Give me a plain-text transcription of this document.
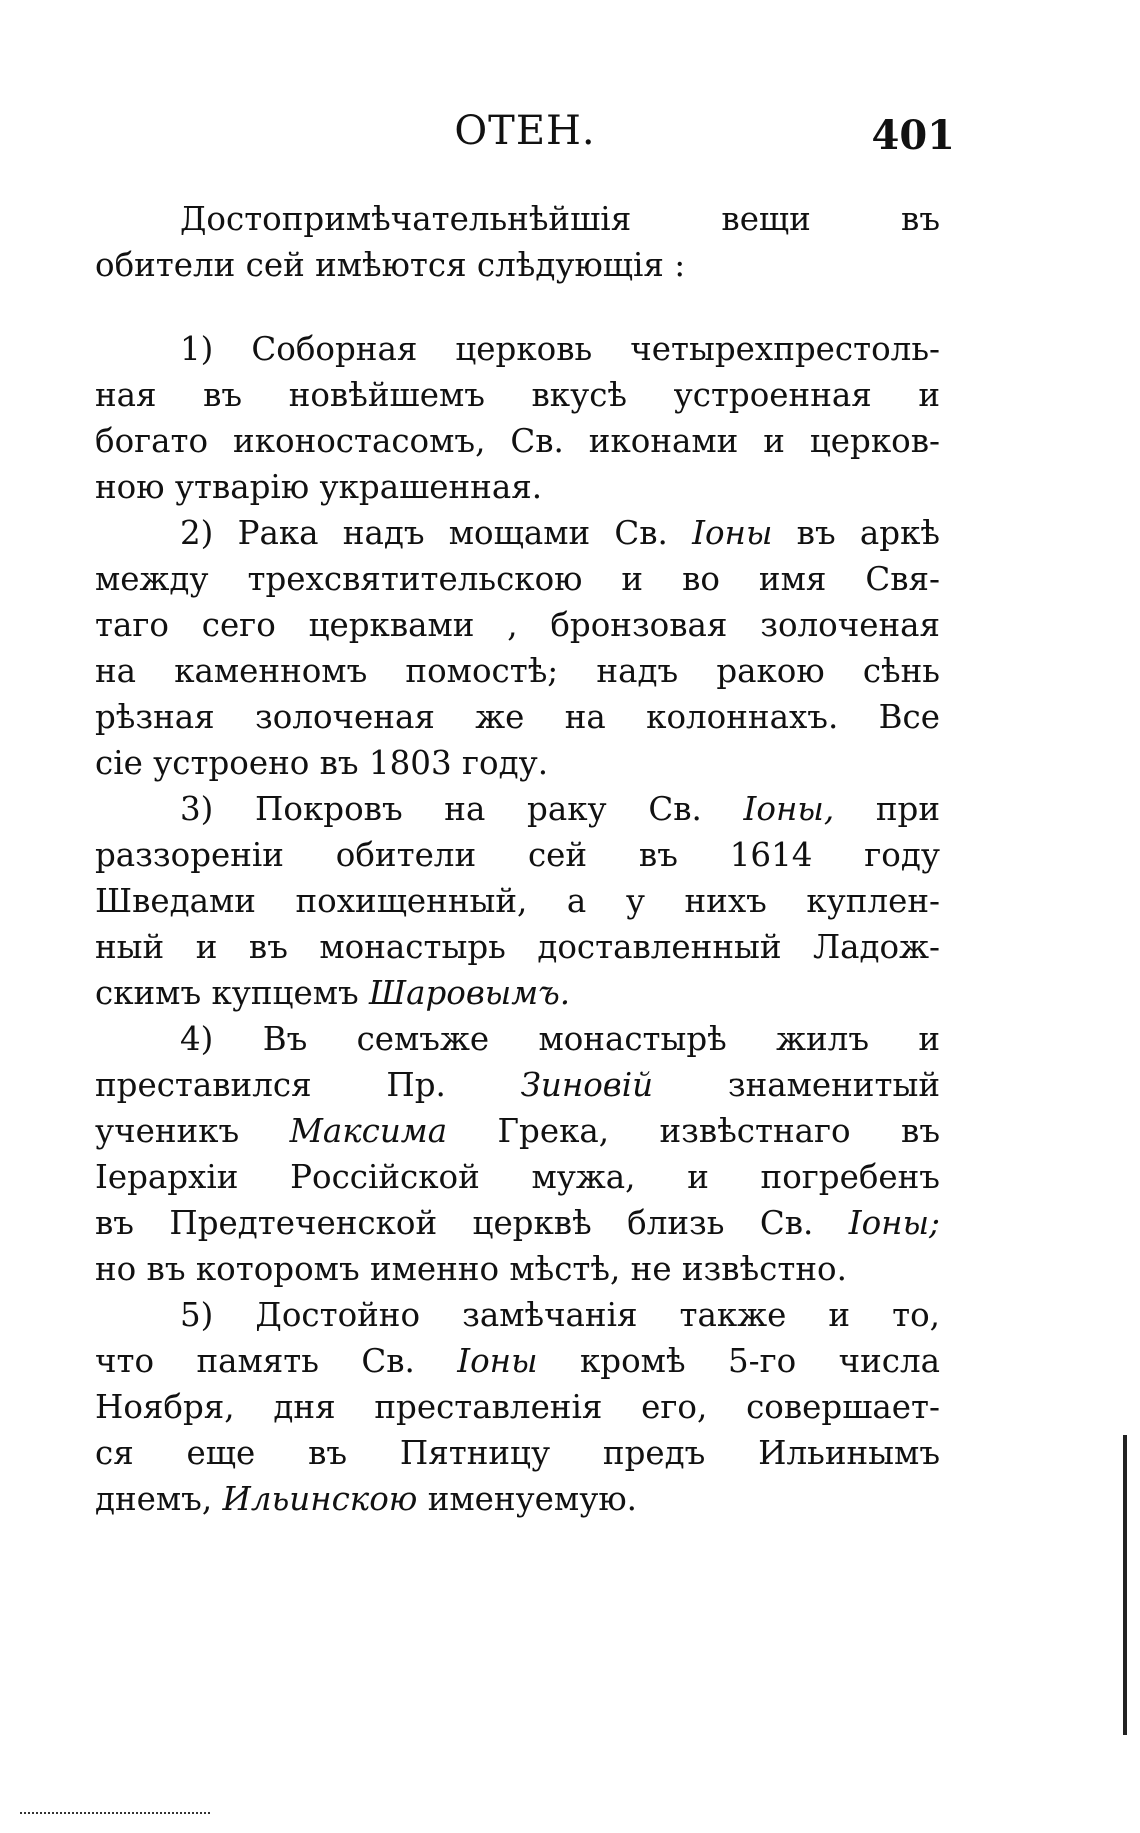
ОТЕН.	401
Достопримѣчательнѣйшія вещи въ
обители сей имѣются слѣдующія :
1) Соборная церковь четырехпрестоль-
ная въ новѣйшемъ вкусѣ устроенная и
богато иконостасомъ, Св. иконами и церков-
ною утварію украшенная.
2) Рака надъ мощами Св. Іоны въ аркѣ
между трехсвятительскою и во имя Свя-
таго сего церквами , бронзовая золоченая
на каменномъ помостѣ; надъ ракою сѣнь
рѣзная золоченая же на колоннахъ. Все
сіе устроено въ 1803 году.
3) Покровъ на раку Св. Іоны, при
раззореніи обители сей въ 1614 году
Шведами похищенный, а у нихъ куплен-
ный и въ монастырь доставленный Ладож-
скимъ купцемъ Шаровымъ.
4) Въ семъже монастырѣ жилъ и
преставился Пр. Зиновій знаменитый
ученикъ Максима Грека, извѣстнаго въ
Іерархіи Россійской мужа, и погребенъ
въ Предтеченской церквѣ близь Св. Іоны;
но въ которомъ именно мѣстѣ, не извѣстно.
5) Достойно замѣчанія также и то,
что память Св. Іоны кромѣ 5-го числа
Ноября, дня преставленія его, совершает-
ся еще въ Пятницу предъ Ильинымъ
днемъ, Ильинскою именуемую.
